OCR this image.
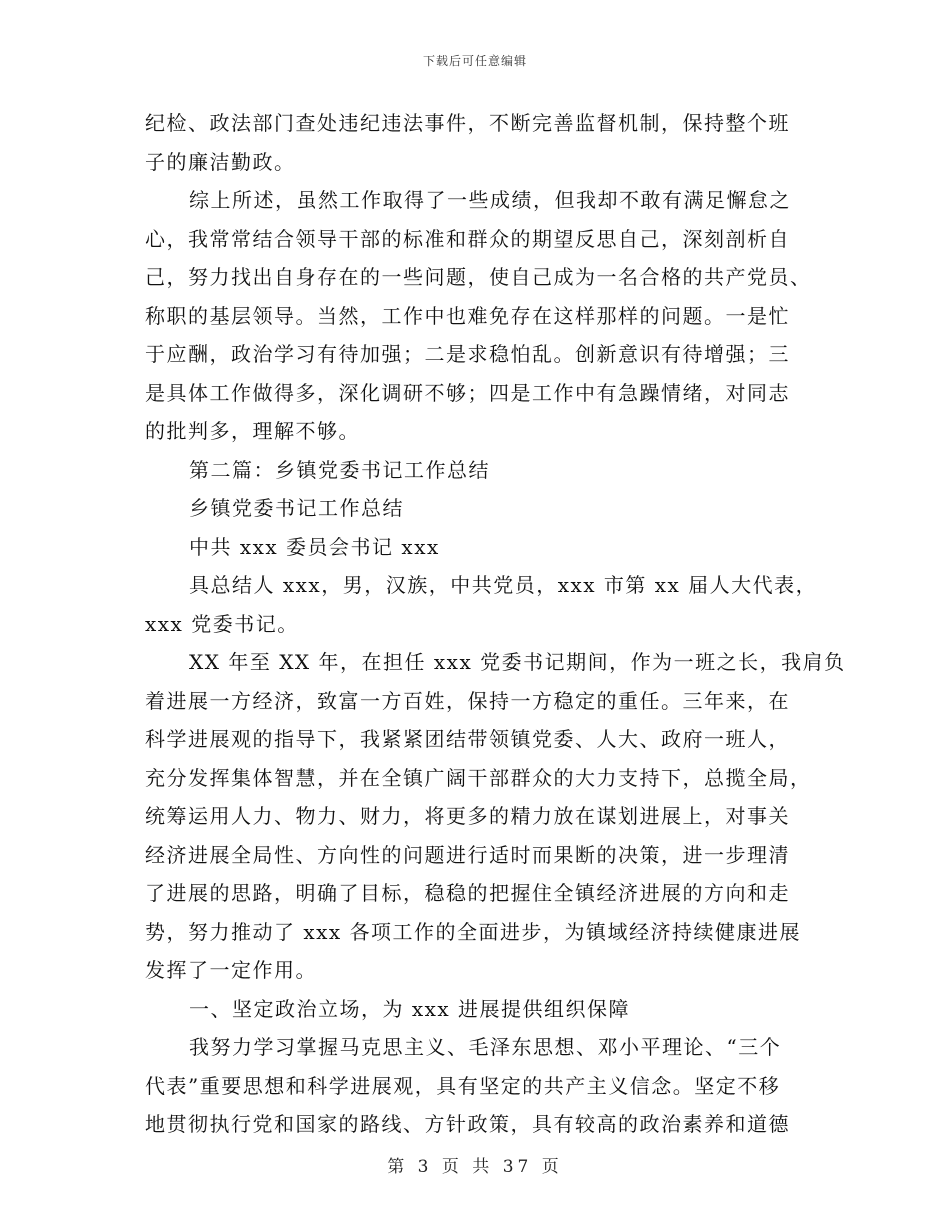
下载后可任意编辑
纪检、政法部门查处违纪违法事件，不断完善监督机制，保持整个班
子的廉洁勤政。
综上所述，虽然工作取得了一些成绩，但我却不敢有满足懈怠之
心，我常常结合领导干部的标准和群众的期望反思自己，深刻剖析自
己，努力找出自身存在的一些问题，使自己成为一名合格的共产党员、
称职的基层领导。当然，工作中也难免存在这样那样的问题。一是忙
于应酬，政治学习有待加强；二是求稳怕乱。创新意识有待增强；三
是具体工作做得多，深化调研不够；四是工作中有急躁情绪，对同志
的批判多，理解不够。
第二篇：乡镇党委书记工作总结
乡镇党委书记工作总结
中共 xxx 委员会书记 xxx
具总结人 xxx，男，汉族，中共党员，xxx 市第 xx 届人大代表，
xxx 党委书记。
XX 年至 XX 年，在担任 xxx 党委书记期间，作为一班之长，我肩负
着进展一方经济，致富一方百姓，保持一方稳定的重任。三年来，在
科学进展观的指导下，我紧紧团结带领镇党委、人大、政府一班人，
充分发挥集体智慧，并在全镇广阔干部群众的大力支持下，总揽全局，
统筹运用人力、物力、财力，将更多的精力放在谋划进展上，对事关
经济进展全局性、方向性的问题进行适时而果断的决策，进一步理清
了进展的思路，明确了目标，稳稳的把握住全镇经济进展的方向和走
势，努力推动了 xxx 各项工作的全面进步，为镇域经济持续健康进展
发挥了一定作用。
一、坚定政治立场，为 xxx 进展提供组织保障
我努力学习掌握马克思主义、毛泽东思想、邓小平理论、“三个
代表”重要思想和科学进展观，具有坚定的共产主义信念。坚定不移
地贯彻执行党和国家的路线、方针政策，具有较高的政治素养和道德
第 3 页 共 37 页
